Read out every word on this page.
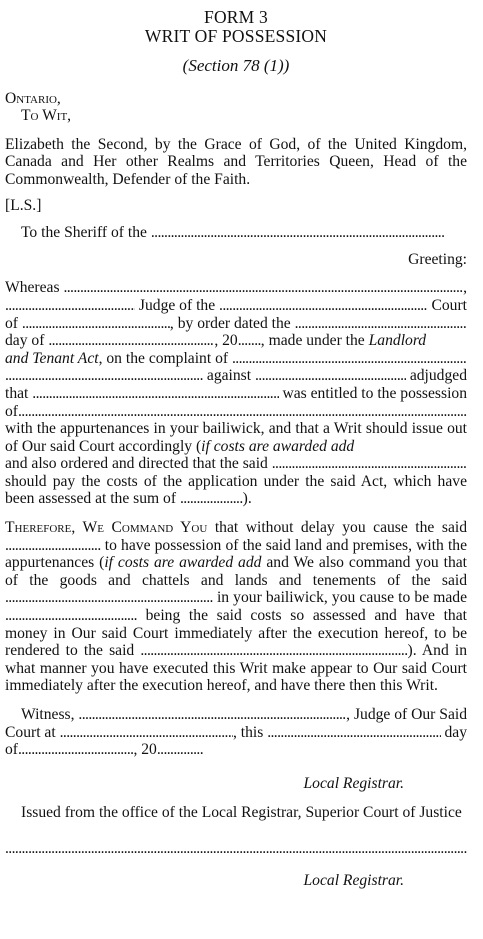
FORM 3
WRIT OF POSSESSION
(Section 78 (1))
Ontario,
To Wit,

Elizabeth the Second, by the Grace of God, of the United Kingdom, Canada and Her other Realms and Territories Queen, Head of the Commonwealth, Defender of the Faith.

[L.S.]
To the Sheriff of the

.....
Greeting:
Whereas
.....	,
.....

Judge of the
.....
	Court
of
.....	, by order dated the

.....
day of
.....	, 20 ....... , made under the
Landlord
and Tenant Act , on the complaint of

.....
.....

against
.....
	adjudged
that
.....
	was entitled to the possession
of
.....

with the appurtenances in your bailiwick, and that a Writ should issue out of Our said Court accordingly (if costs are awarded add

and also ordered and directed that the said

.....

should pay the costs of the application under the said Act, which have been assessed at the sum of ...................).

Therefore, We Command You that without delay you cause the said ............................. to have possession of the said land and premises, with the appurtenances (if costs are awarded add and We also command you that of the goods and chattels and lands and tenements of the said ............................................................... in your bailiwick, you cause to be made ........................................ being the said costs so assessed and have that money in Our said Court immediately after the execution hereof, to be rendered to the said .................................................................................). And in what manner you have executed this Writ make appear to Our said Court immediately after the execution hereof, and have there then this Writ.

Witness,
.....	, Judge of Our Said
Court at
.....	, this
.....
	day
of..................................., 20..............
Local Registrar.

Issued from the office of the Local Registrar, Superior Court of Justice

.....
Local Registrar.
